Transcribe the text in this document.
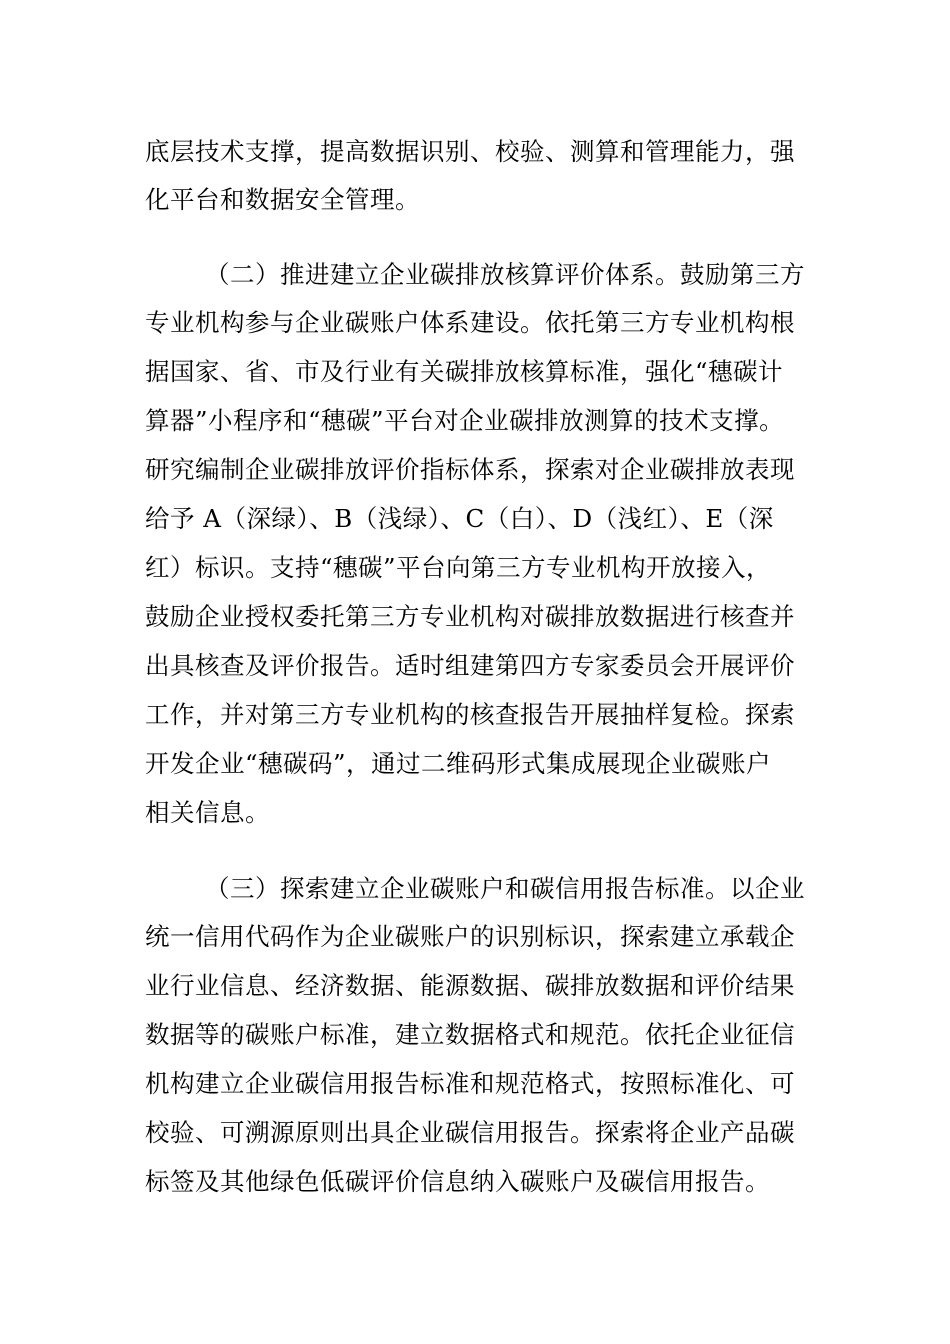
底层技术支撑，提高数据识别、校验、测算和管理能力，强
化平台和数据安全管理。
（二）推进建立企业碳排放核算评价体系。鼓励第三方
专业机构参与企业碳账户体系建设。依托第三方专业机构根
据国家、省、市及行业有关碳排放核算标准，强化“穗碳计
算器”小程序和“穗碳”平台对企业碳排放测算的技术支撑。
研究编制企业碳排放评价指标体系，探索对企业碳排放表现
给予 A（深绿）、B（浅绿）、C（白）、D（浅红）、E（深
红）标识。支持“穗碳”平台向第三方专业机构开放接入，
鼓励企业授权委托第三方专业机构对碳排放数据进行核查并
出具核查及评价报告。适时组建第四方专家委员会开展评价
工作，并对第三方专业机构的核查报告开展抽样复检。探索
开发企业“穗碳码”，通过二维码形式集成展现企业碳账户
相关信息。
（三）探索建立企业碳账户和碳信用报告标准。以企业
统一信用代码作为企业碳账户的识别标识，探索建立承载企
业行业信息、经济数据、能源数据、碳排放数据和评价结果
数据等的碳账户标准，建立数据格式和规范。依托企业征信
机构建立企业碳信用报告标准和规范格式，按照标准化、可
校验、可溯源原则出具企业碳信用报告。探索将企业产品碳
标签及其他绿色低碳评价信息纳入碳账户及碳信用报告。
